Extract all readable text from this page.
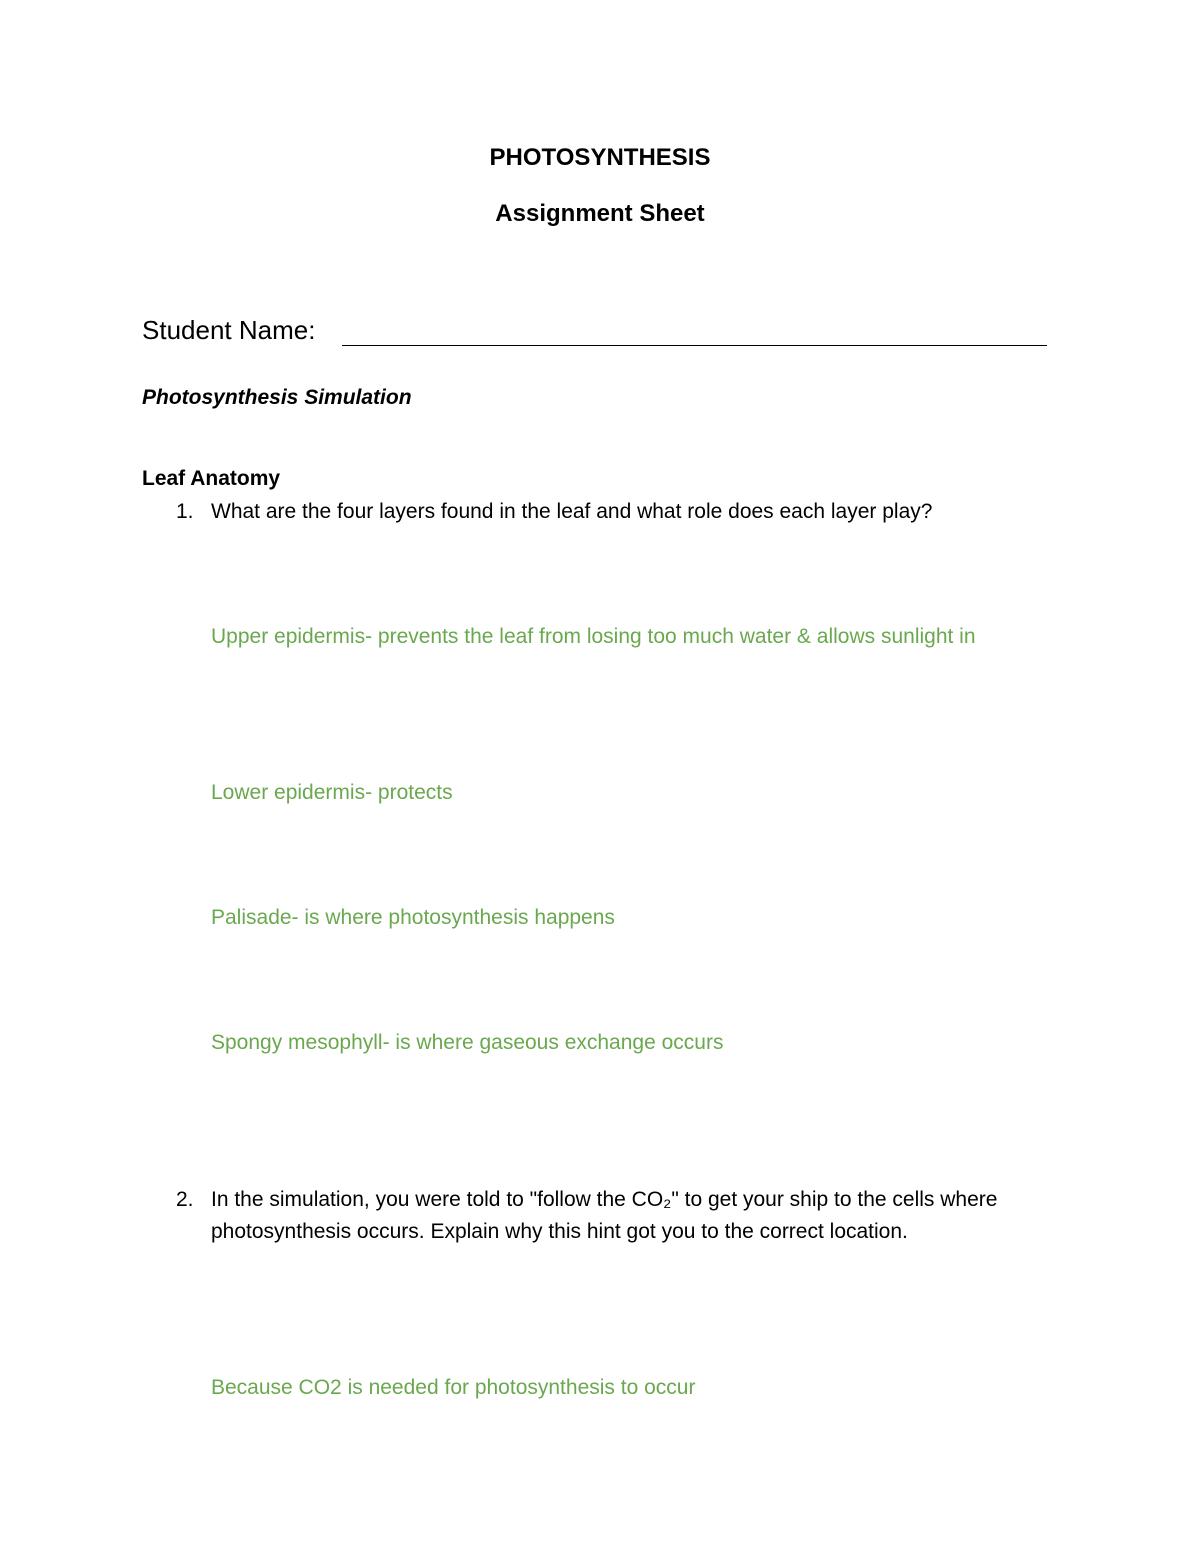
PHOTOSYNTHESIS
Assignment Sheet
Student Name:
Photosynthesis Simulation
Leaf Anatomy
1. What are the four layers found in the leaf and what role does each layer play?
Upper epidermis- prevents the leaf from losing too much water & allows sunlight in
Lower epidermis- protects
Palisade- is where photosynthesis happens
Spongy mesophyll- is where gaseous exchange occurs
2. In the simulation, you were told to "follow the CO₂" to get your ship to the cells where photosynthesis occurs. Explain why this hint got you to the correct location.
Because CO2 is needed for photosynthesis to occur
